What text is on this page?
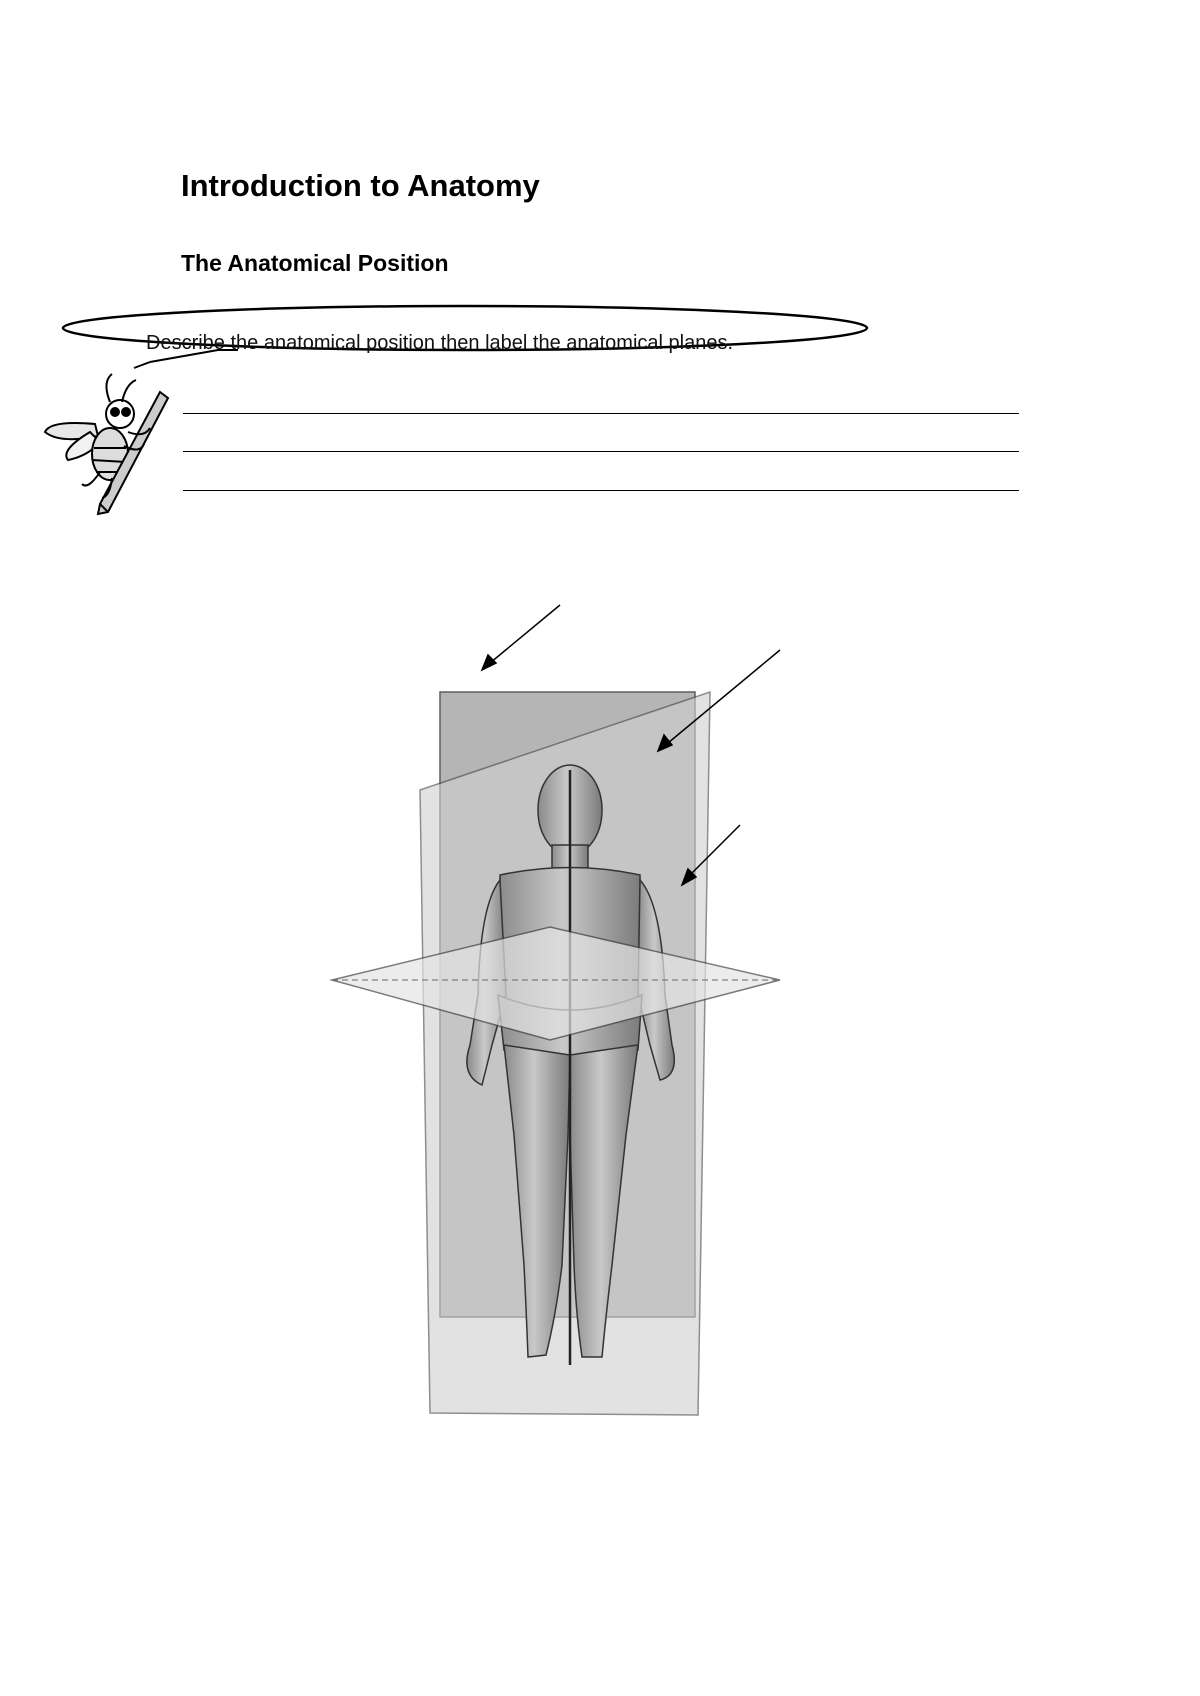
Introduction to Anatomy
The Anatomical Position
Describe the anatomical position then label the anatomical planes.
